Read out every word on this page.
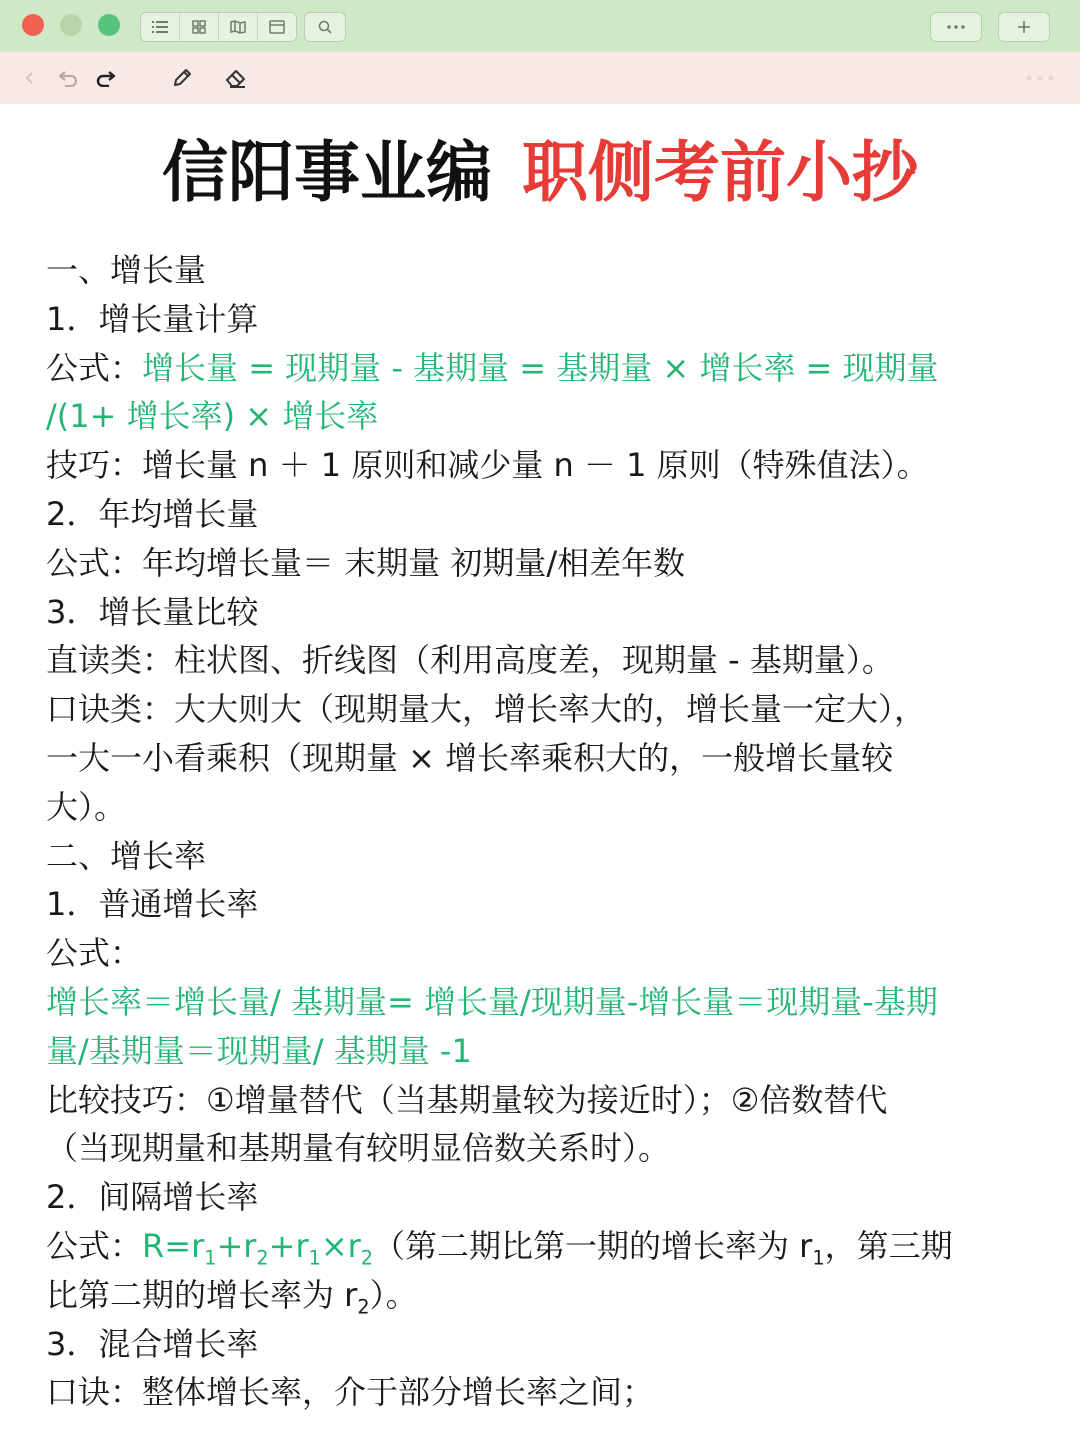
信阳事业编 职侧考前小抄

一、增长量

1．增长量计算

公式：增长量 = 现期量 - 基期量 = 基期量 × 增长率 = 现期量

/(1+ 增长率) × 增长率

技巧：增长量 n ＋ 1 原则和减少量 n － 1 原则（特殊值法）。

2．年均增长量

公式：年均增长量＝ 末期量 初期量/相差年数

3．增长量比较

直读类：柱状图、折线图（利用高度差，现期量 - 基期量）。

口诀类：大大则大（现期量大，增长率大的，增长量一定大），

一大一小看乘积（现期量 × 增长率乘积大的，一般增长量较

大）。

二、增长率

1．普通增长率

公式：

增长率＝增长量/ 基期量= 增长量/现期量-增长量＝现期量-基期

量/基期量＝现期量/ 基期量 -1

比较技巧：①增量替代（当基期量较为接近时）；②倍数替代

（当现期量和基期量有较明显倍数关系时）。

2．间隔增长率

公式：$R=r_1+r_2+r_1\times r_2$（第二期比第一期的增长率为 $r_1$，第三期

比第二期的增长率为 $r_2$）。

3．混合增长率

口诀：整体增长率，介于部分增长率之间；
